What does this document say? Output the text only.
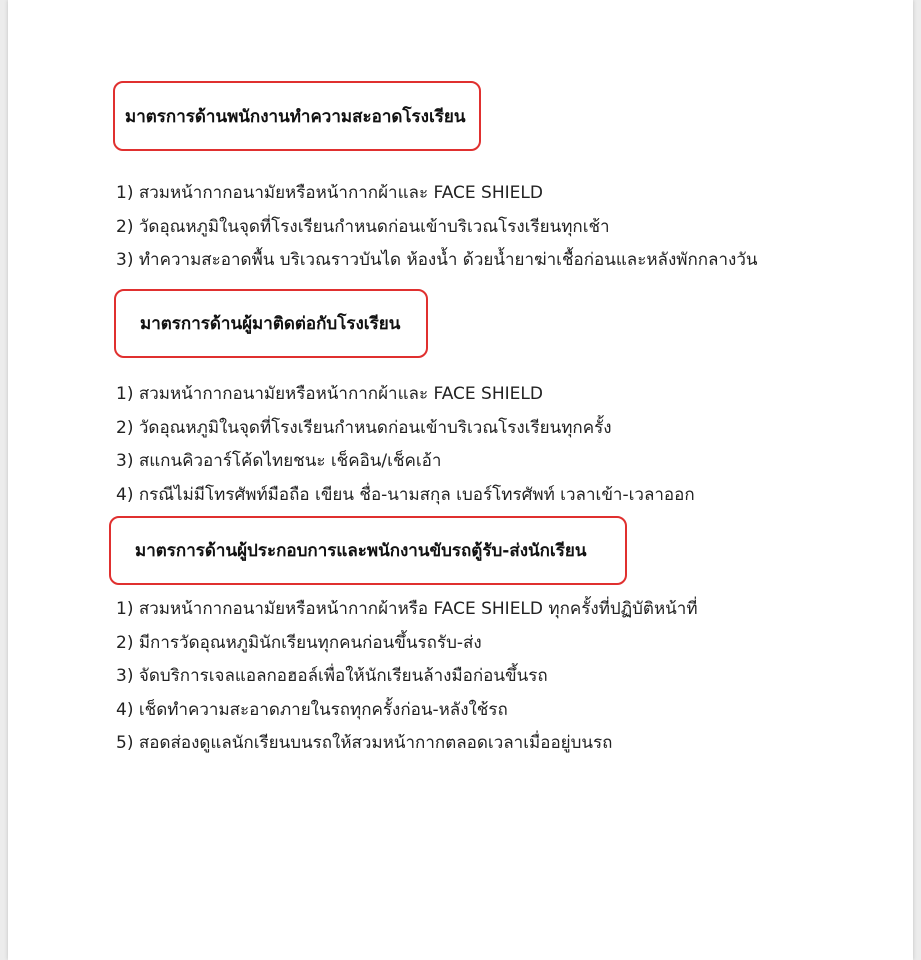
มาตรการด้านพนักงานทำความสะอาดโรงเรียน
1) สวมหน้ากากอนามัยหรือหน้ากากผ้าและ FACE SHIELD
2) วัดอุณหภูมิในจุดที่โรงเรียนกำหนดก่อนเข้าบริเวณโรงเรียนทุกเช้า
3) ทำความสะอาดพื้น บริเวณราวบันได ห้องน้ำ ด้วยน้ำยาฆ่าเชื้อก่อนและหลังพักกลางวัน
มาตรการด้านผู้มาติดต่อกับโรงเรียน
1) สวมหน้ากากอนามัยหรือหน้ากากผ้าและ FACE SHIELD
2) วัดอุณหภูมิในจุดที่โรงเรียนกำหนดก่อนเข้าบริเวณโรงเรียนทุกครั้ง
3) สแกนคิวอาร์โค้ดไทยชนะ เช็คอิน/เช็คเอ้า
4) กรณีไม่มีโทรศัพท์มือถือ เขียน ชื่อ-นามสกุล เบอร์โทรศัพท์ เวลาเข้า-เวลาออก
มาตรการด้านผู้ประกอบการและพนักงานขับรถตู้รับ-ส่งนักเรียน
1) สวมหน้ากากอนามัยหรือหน้ากากผ้าหรือ FACE SHIELD ทุกครั้งที่ปฏิบัติหน้าที่
2) มีการวัดอุณหภูมินักเรียนทุกคนก่อนขึ้นรถรับ-ส่ง
3) จัดบริการเจลแอลกอฮอล์เพื่อให้นักเรียนล้างมือก่อนขึ้นรถ
4) เช็ดทำความสะอาดภายในรถทุกครั้งก่อน-หลังใช้รถ
5) สอดส่องดูแลนักเรียนบนรถให้สวมหน้ากากตลอดเวลาเมื่ออยู่บนรถ
